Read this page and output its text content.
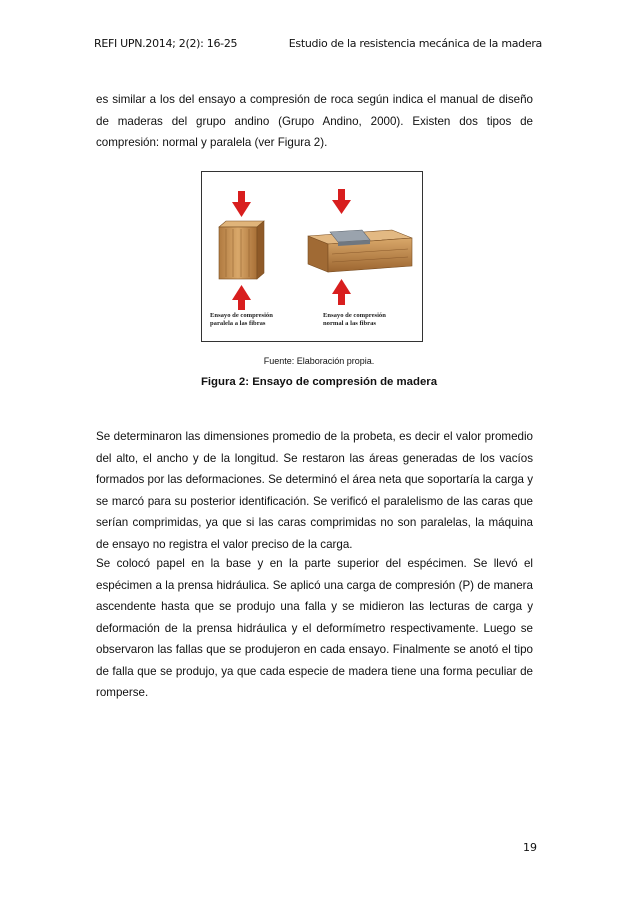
REFI UPN.2014; 2(2): 16-25	Estudio de la resistencia mecánica de la madera

es similar a los del ensayo a compresión de roca según indica el manual de diseño de maderas del grupo andino (Grupo Andino, 2000). Existen dos tipos de compresión: normal y paralela (ver Figura 2).

Ensayo de compresión
paralela a las fibras
Ensayo de compresión
normal a las fibras
Fuente: Elaboración propia.
Figura 2: Ensayo de compresión de madera

Se determinaron las dimensiones promedio de la probeta, es decir el valor promedio del alto, el ancho y de la longitud. Se restaron las áreas generadas de los vacíos formados por las deformaciones. Se determinó el área neta que soportaría la carga y se marcó para su posterior identificación. Se verificó el paralelismo de las caras que serían comprimidas, ya que si las caras comprimidas no son paralelas, la máquina de ensayo no registra el valor preciso de la carga.

Se colocó papel en la base y en la parte superior del espécimen. Se llevó el espécimen a la prensa hidráulica. Se aplicó una carga de compresión (P) de manera ascendente hasta que se produjo una falla y se midieron las lecturas de carga y deformación de la prensa hidráulica y el deformímetro respectivamente. Luego se observaron las fallas que se produjeron en cada ensayo. Finalmente se anotó el tipo de falla que se produjo, ya que cada especie de madera tiene una forma peculiar de romperse.

19
